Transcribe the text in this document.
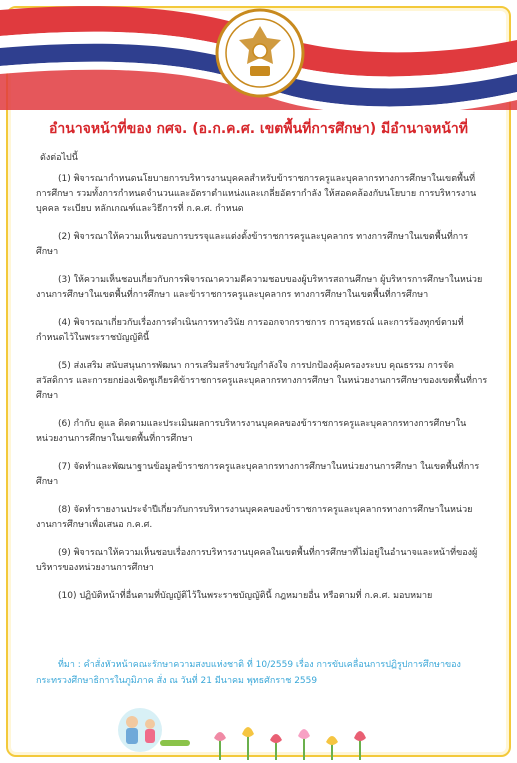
อำนาจหน้าที่ของ กศจ. (อ.ก.ค.ศ. เขตพื้นที่การศึกษา) มีอำนาจหน้าที่
ดังต่อไปนี้

(1) พิจารณากำหนดนโยบายการบริหารงานบุคคลสำหรับข้าราชการครูและบุคลากรทางการศึกษาในเขตพื้นที่การศึกษา รวมทั้งการกำหนดจำนวนและอัตราตำแหน่งและเกลี่ยอัตรากำลัง ให้สอดคล้องกับนโยบาย การบริหารงานบุคคล ระเบียบ หลักเกณฑ์และวิธีการที่ ก.ค.ศ. กำหนด

(2) พิจารณาให้ความเห็นชอบการบรรจุและแต่งตั้งข้าราชการครูและบุคลากร ทางการศึกษาในเขตพื้นที่การศึกษา

(3) ให้ความเห็นชอบเกี่ยวกับการพิจารณาความดีความชอบของผู้บริหารสถานศึกษา ผู้บริหารการศึกษาในหน่วยงานการศึกษาในเขตพื้นที่การศึกษา และข้าราชการครูและบุคลากร ทางการศึกษาในเขตพื้นที่การศึกษา

(4) พิจารณาเกี่ยวกับเรื่องการดำเนินการทางวินัย การออกจากราชการ การอุทธรณ์ และการร้องทุกข์ตามที่กำหนดไว้ในพระราชบัญญัตินี้

(5) ส่งเสริม สนับสนุนการพัฒนา การเสริมสร้างขวัญกำลังใจ การปกป้องคุ้มครองระบบ คุณธรรม การจัดสวัสดิการ และการยกย่องเชิดชูเกียรติข้าราชการครูและบุคลากรทางการศึกษา ในหน่วยงานการศึกษาของเขตพื้นที่การศึกษา

(6) กำกับ ดูแล ติดตามและประเมินผลการบริหารงานบุคคลของข้าราชการครูและบุคลากรทางการศึกษาในหน่วยงานการศึกษาในเขตพื้นที่การศึกษา

(7) จัดทำและพัฒนาฐานข้อมูลข้าราชการครูและบุคลากรทางการศึกษาในหน่วยงานการศึกษา ในเขตพื้นที่การศึกษา

(8) จัดทำรายงานประจำปีเกี่ยวกับการบริหารงานบุคคลของข้าราชการครูและบุคลากรทางการศึกษาในหน่วยงานการศึกษาเพื่อเสนอ ก.ค.ศ.

(9) พิจารณาให้ความเห็นชอบเรื่องการบริหารงานบุคคลในเขตพื้นที่การศึกษาที่ไม่อยู่ในอำนาจและหน้าที่ของผู้บริหารของหน่วยงานการศึกษา

(10) ปฏิบัติหน้าที่อื่นตามที่บัญญัติไว้ในพระราชบัญญัตินี้ กฎหมายอื่น หรือตามที่ ก.ค.ศ. มอบหมาย

ที่มา : คำสั่งหัวหน้าคณะรักษาความสงบแห่งชาติ ที่ 10/2559 เรื่อง การขับเคลื่อนการปฏิรูปการศึกษาของกระทรวงศึกษาธิการในภูมิภาค สั่ง ณ วันที่ 21 มีนาคม พุทธศักราช 2559
